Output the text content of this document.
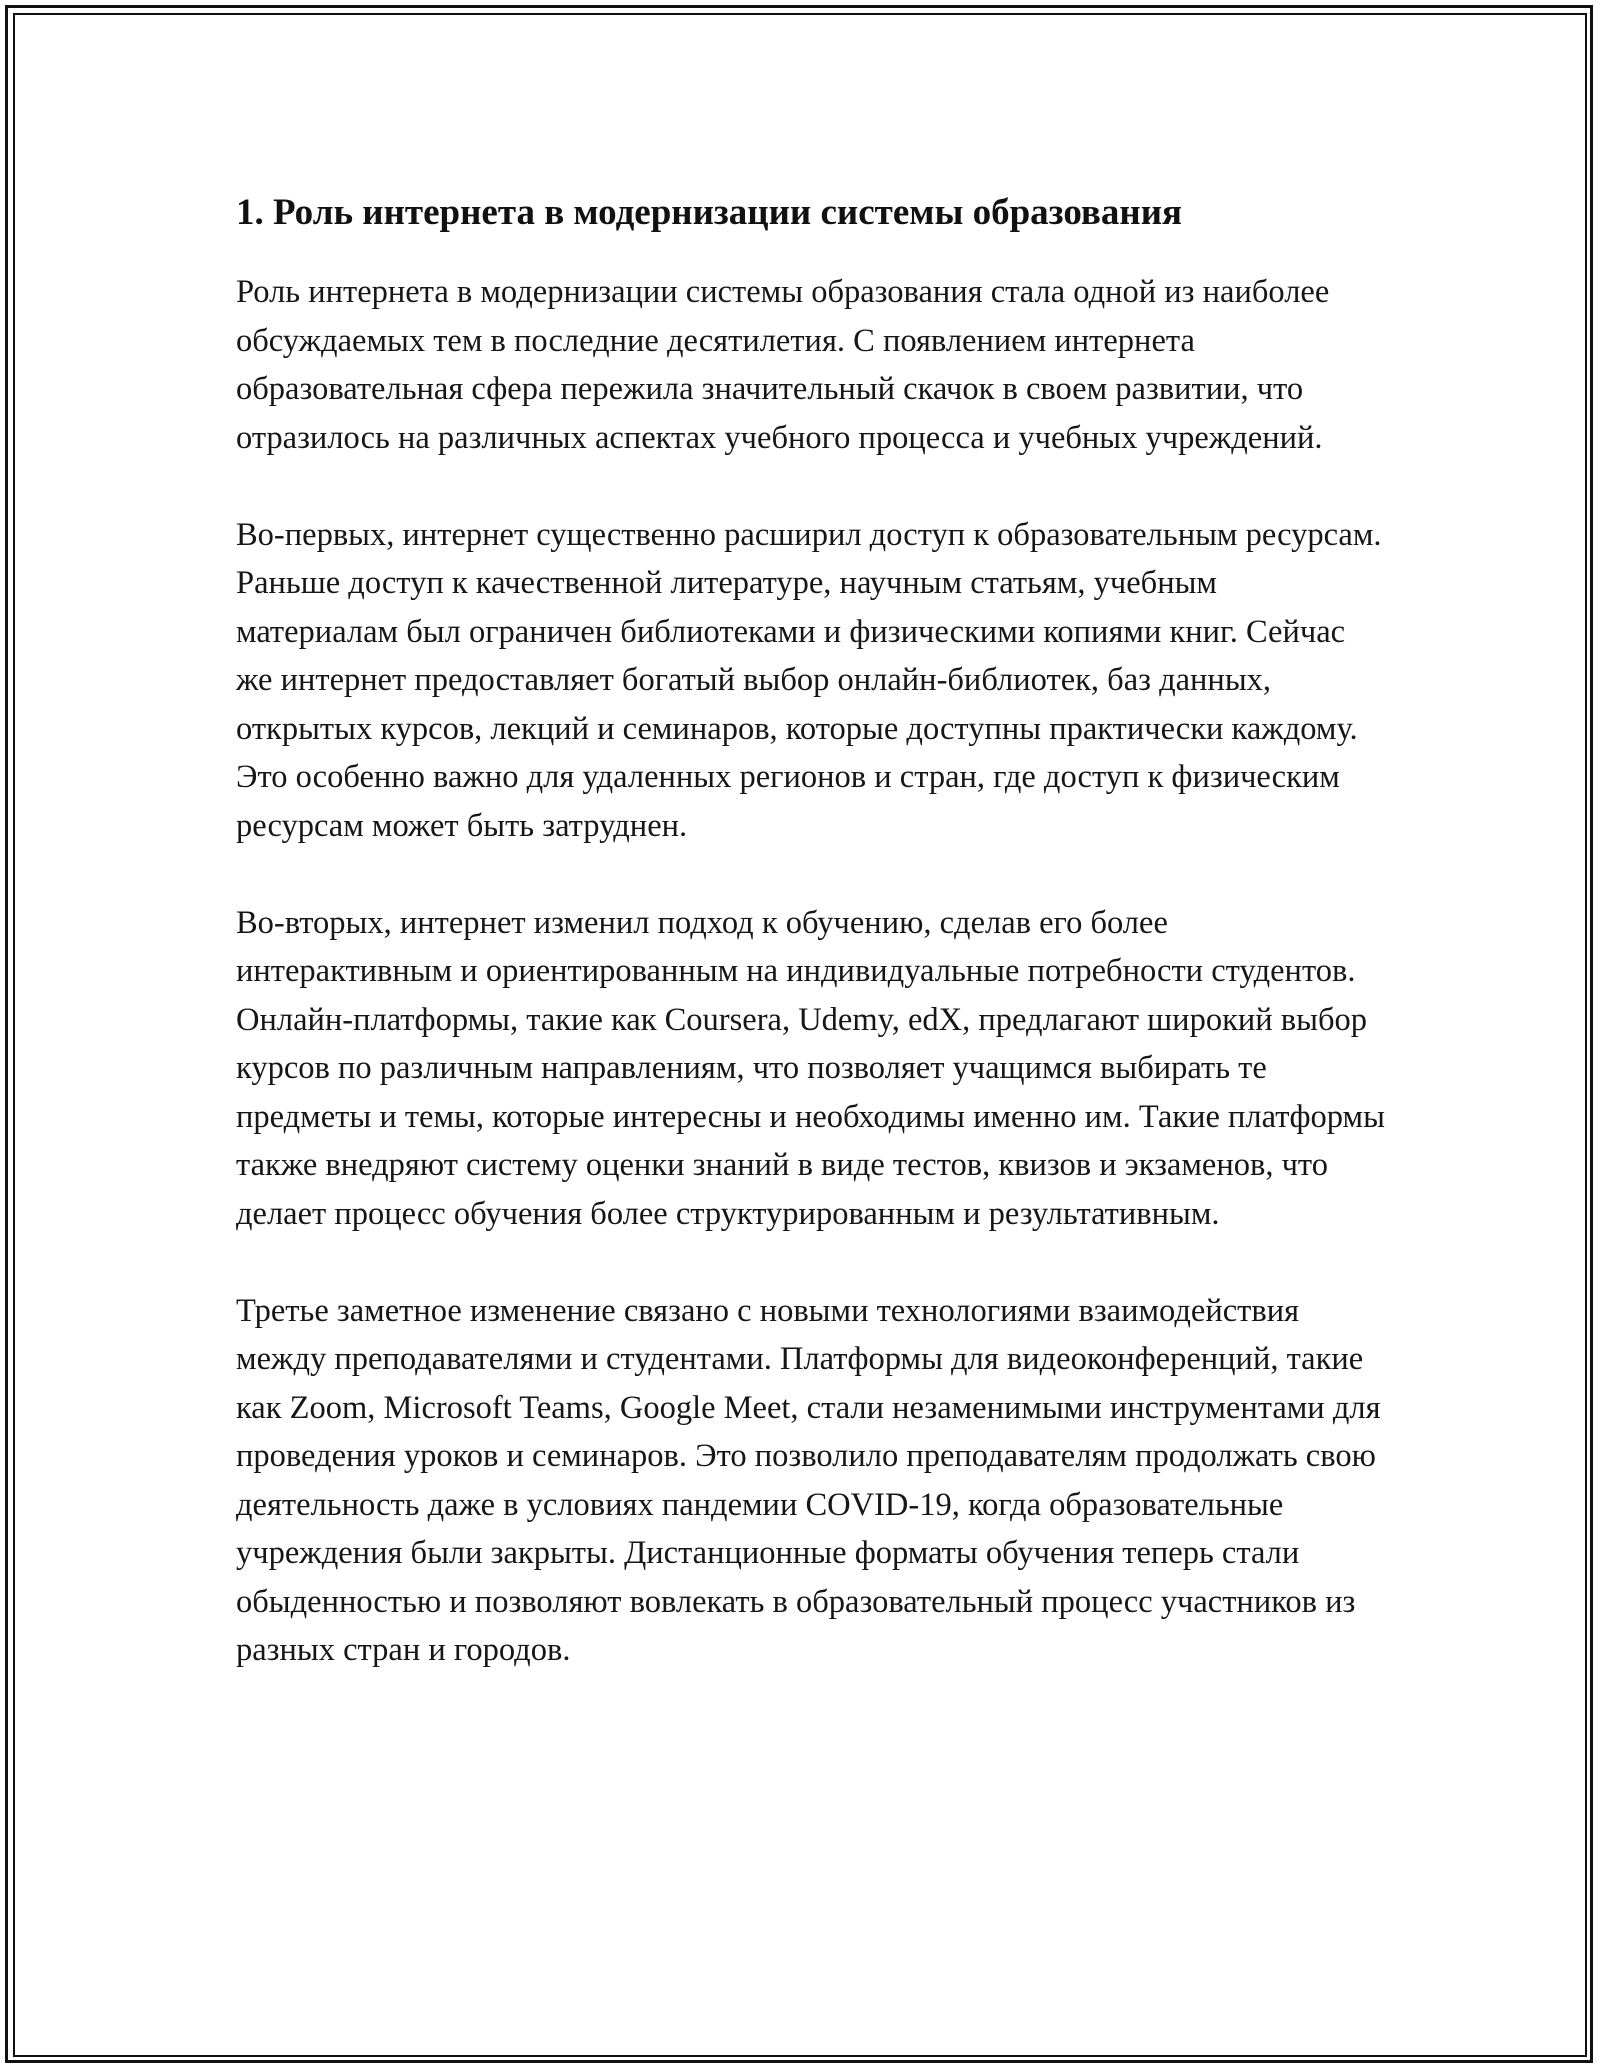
1. Роль интернета в модернизации системы образования

Роль интернета в модернизации системы образования стала одной из наиболее обсуждаемых тем в последние десятилетия. С появлением интернета образовательная сфера пережила значительный скачок в своем развитии, что отразилось на различных аспектах учебного процесса и учебных учреждений.

Во-первых, интернет существенно расширил доступ к образовательным ресурсам. Раньше доступ к качественной литературе, научным статьям, учебным материалам был ограничен библиотеками и физическими копиями книг. Сейчас же интернет предоставляет богатый выбор онлайн-библиотек, баз данных, открытых курсов, лекций и семинаров, которые доступны практически каждому. Это особенно важно для удаленных регионов и стран, где доступ к физическим ресурсам может быть затруднен.

Во-вторых, интернет изменил подход к обучению, сделав его более интерактивным и ориентированным на индивидуальные потребности студентов. Онлайн-платформы, такие как Coursera, Udemy, edX, предлагают широкий выбор курсов по различным направлениям, что позволяет учащимся выбирать те предметы и темы, которые интересны и необходимы именно им. Такие платформы также внедряют систему оценки знаний в виде тестов, квизов и экзаменов, что делает процесс обучения более структурированным и результативным.

Третье заметное изменение связано с новыми технологиями взаимодействия между преподавателями и студентами. Платформы для видеоконференций, такие как Zoom, Microsoft Teams, Google Meet, стали незаменимыми инструментами для проведения уроков и семинаров. Это позволило преподавателям продолжать свою деятельность даже в условиях пандемии COVID-19, когда образовательные учреждения были закрыты. Дистанционные форматы обучения теперь стали обыденностью и позволяют вовлекать в образовательный процесс участников из разных стран и городов.
